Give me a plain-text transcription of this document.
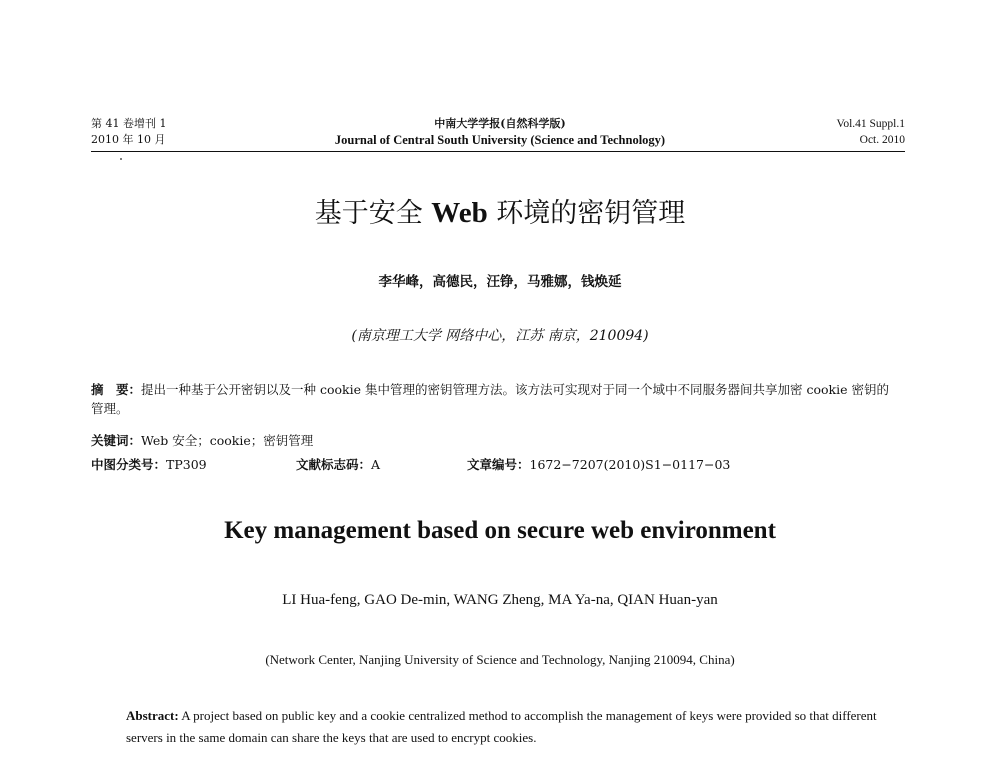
第 41 卷增刊 1
2010 年 10 月
中南大学学报(自然科学版)
Journal of Central South University (Science and Technology)
Vol.41 Suppl.1
Oct. 2010
基于安全 Web 环境的密钥管理
李华峰，高德民，汪铮，马雅娜，钱焕延
(南京理工大学 网络中心，江苏 南京，210094)
摘　要：提出一种基于公开密钥以及一种 cookie 集中管理的密钥管理方法。该方法可实现对于同一个域中不同服务器间共享加密 cookie 密钥的管理。
关键词：Web 安全；cookie；密钥管理
中图分类号：TP309	文献标志码：A	文章编号：1672−7207(2010)S1−0117−03
Key management based on secure web environment
LI Hua-feng, GAO De-min, WANG Zheng, MA Ya-na, QIAN Huan-yan
(Network Center, Nanjing University of Science and Technology, Nanjing 210094, China)
Abstract: A project based on public key and a cookie centralized method to accomplish the management of keys were provided so that different servers in the same domain can share the keys that are used to encrypt cookies.
